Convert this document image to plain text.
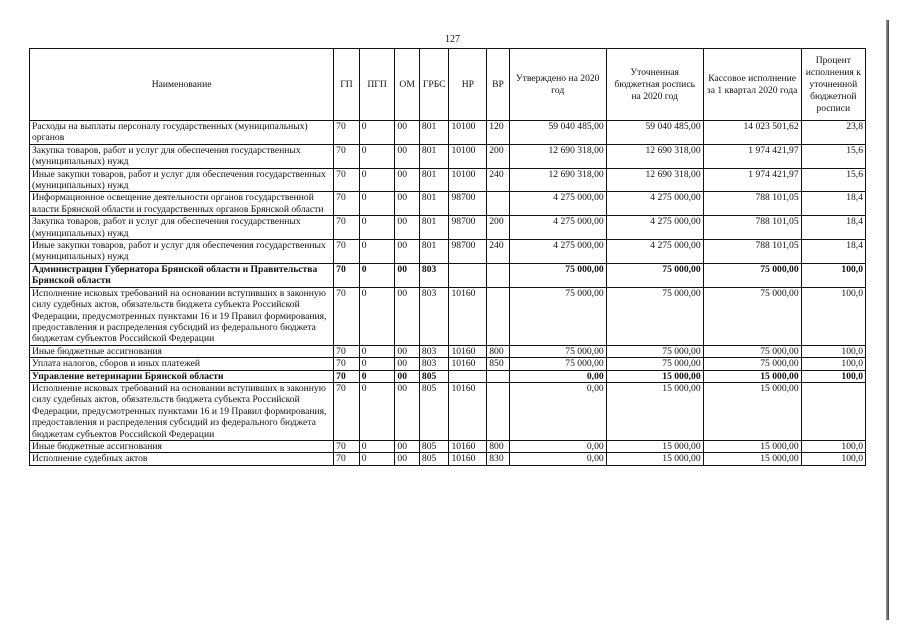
127
Наименование	ГП	ПГП	ОМ	ГРБС	НР	ВР	Утверждено на 2020 год	Уточненная бюджетная роспись на 2020 год	Кассовое исполнение за 1 квартал 2020 года	Процент исполнения к уточненной бюджетной росписи
Расходы на выплаты персоналу государственных (муниципальных) органов	70	0	00	801	10100	120	59 040 485,00	59 040 485,00	14 023 501,62	23,8
Закупка товаров, работ и услуг для обеспечения государственных (муниципальных) нужд	70	0	00	801	10100	200	12 690 318,00	12 690 318,00	1 974 421,97	15,6
Иные закупки товаров, работ и услуг для обеспечения государственных (муниципальных) нужд	70	0	00	801	10100	240	12 690 318,00	12 690 318,00	1 974 421,97	15,6
Информационное освещение деятельности органов государственной власти Брянской области и государственных органов Брянской области	70	0	00	801	98700		4 275 000,00	4 275 000,00	788 101,05	18,4
Закупка товаров, работ и услуг для обеспечения государственных (муниципальных) нужд	70	0	00	801	98700	200	4 275 000,00	4 275 000,00	788 101,05	18,4
Иные закупки товаров, работ и услуг для обеспечения государственных (муниципальных) нужд	70	0	00	801	98700	240	4 275 000,00	4 275 000,00	788 101,05	18,4
Администрация Губернатора Брянской области и Правительства Брянской области	70	0	00	803			75 000,00	75 000,00	75 000,00	100,0
Исполнение исковых требований на основании вступивших в законную силу судебных актов, обязательств бюджета субъекта Российской Федерации, предусмотренных пунктами 16 и 19 Правил формирования, предоставления и распределения субсидий из федерального бюджета бюджетам субъектов Российской Федерации	70	0	00	803	10160		75 000,00	75 000,00	75 000,00	100,0
Иные бюджетные ассигнования	70	0	00	803	10160	800	75 000,00	75 000,00	75 000,00	100,0
Уплата налогов, сборов и иных платежей	70	0	00	803	10160	850	75 000,00	75 000,00	75 000,00	100,0
Управление ветеринарии Брянской области	70	0	00	805			0,00	15 000,00	15 000,00	100,0
Исполнение исковых требований на основании вступивших в законную силу судебных актов, обязательств бюджета субъекта Российской Федерации, предусмотренных пунктами 16 и 19 Правил формирования, предоставления и распределения субсидий из федерального бюджета бюджетам субъектов Российской Федерации	70	0	00	805	10160		0,00	15 000,00	15 000,00	
Иные бюджетные ассигнования	70	0	00	805	10160	800	0,00	15 000,00	15 000,00	100,0
Исполнение судебных актов	70	0	00	805	10160	830	0,00	15 000,00	15 000,00	100,0
